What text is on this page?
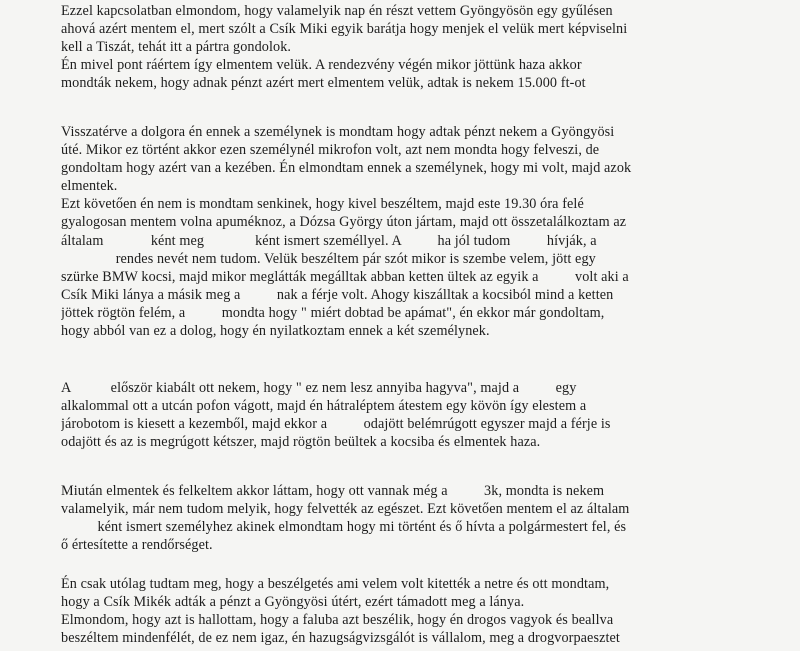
Ezzel kapcsolatban elmondom, hogy valamelyik nap én részt vettem Gyöngyösön egy gyűlésen
ahová azért mentem el, mert szólt a Csík Miki egyik barátja hogy menjek el velük mert képviselni
kell a Tiszát, tehát itt a pártra gondolok.
Én mivel pont ráértem így elmentem velük. A rendezvény végén mikor jöttünk haza akkor
mondták nekem, hogy adnak pénzt azért mert elmentem velük, adtak is nekem 15.000 ft-ot
Visszatérve a dolgora én ennek a személynek is mondtam hogy adtak pénzt nekem a Gyöngyösi
úté. Mikor ez történt akkor ezen személynél mikrofon volt, azt nem mondta hogy felveszi, de
gondoltam hogy azért van a kezében. Én elmondtam ennek a személynek, hogy mi volt, majd azok
elmentek.
Ezt követően én nem is mondtam senkinek, hogy kivel beszéltem, majd este 19.30 óra felé
gyalogosan mentem volna apuméknoz, a Dózsa György úton jártam, majd ott összetalálkoztam az
általam             ként meg              ként ismert személlyel. A          ha jól tudom          hívják, a
rendes nevét nem tudom. Velük beszéltem pár szót mikor is szembe velem, jött egy
szürke BMW kocsi, majd mikor meglátták megálltak abban ketten ültek az egyik a          volt aki a
Csík Miki lánya a másik meg a          nak a férje volt. Ahogy kiszálltak a kocsiból mind a ketten
jöttek rögtön felém, a          mondta hogy " miért dobtad be apámat", én ekkor már gondoltam,
hogy abból van ez a dolog, hogy én nyilatkoztam ennek a két személynek.
A           először kiabált ott nekem, hogy " ez nem lesz annyiba hagyva", majd a          egy
alkalommal ott a utcán pofon vágott, majd én hátraléptem átestem egy kövön így elestem a
járobotom is kiesett a kezemből, majd ekkor a          odajött belémrúgott egyszer majd a férje is
odajött és az is megrúgott kétszer, majd rögtön beültek a kocsiba és elmentek haza.
Miután elmentek és felkeltem akkor láttam, hogy ott vannak még a          3k, mondta is nekem
valamelyik, már nem tudom melyik, hogy felvették az egészet. Ezt követően mentem el az általam
ként ismert személyhez akinek elmondtam hogy mi történt és ő hívta a polgármestert fel, és
ő értesítette a rendőrséget.
Én csak utólag tudtam meg, hogy a beszélgetés ami velem volt kitették a netre és ott mondtam,
hogy a Csík Mikék adták a pénzt a Gyöngyösi útért, ezért támadott meg a lánya.
Elmondom, hogy azt is hallottam, hogy a faluba azt beszélik, hogy én drogos vagyok és beallva
beszéltem mindenfélét, de ez nem igaz, én hazugságvizsgálót is vállalom, meg a drogvorpaesztet
